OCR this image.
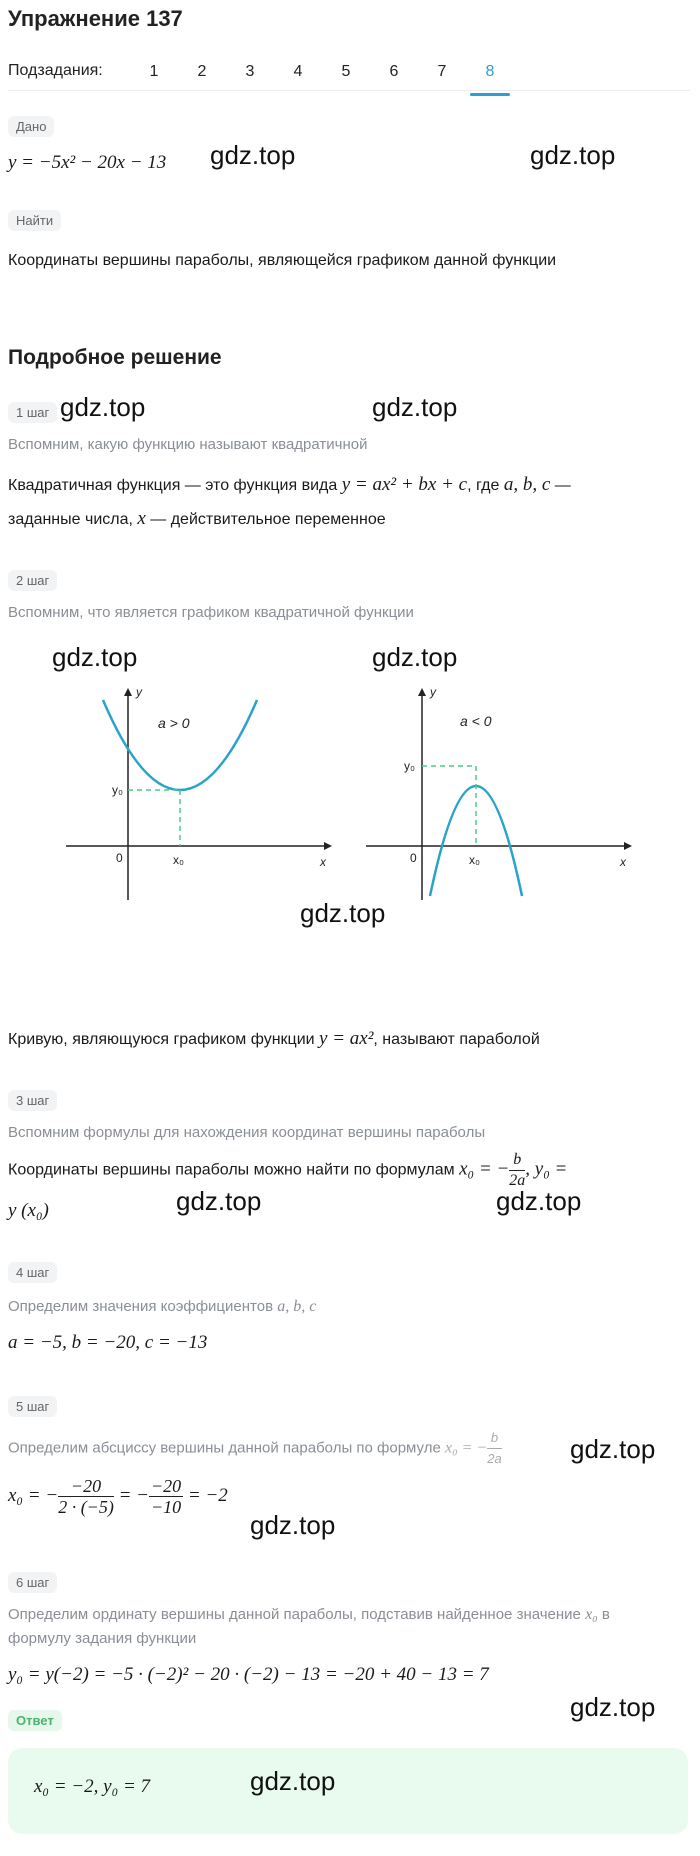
Упражнение 137
Подзадания:	1	2	3	4	5	6	7	8
Дано
y = −5x² − 20x − 13
Найти
Координаты вершины параболы, являющейся графиком данной функции
Подробное решение
1 шаг
Вспомним, какую функцию называют квадратичной
Квадратичная функция — это функция вида y = ax² + bx + c, где a, b, c —
заданные числа, x — действительное переменное
2 шаг
Вспомним, что является графиком квадратичной функции
y
x
0	x₀
y₀
a > 0
y
x
0	x₀
y₀
a < 0
Кривую, являющуюся графиком функции y = ax², называют параболой
3 шаг
Вспомним формулы для нахождения координат вершины параболы
Координаты вершины параболы можно найти по формулам x₀ = − $\frac{b}{2a}$ , y₀ =
y (x₀)
4 шаг
Определим значения коэффициентов a, b, c
a = −5, b = −20, c = −13
5 шаг
Определим абсциссу вершины данной параболы по формуле x₀ = − $\frac{b}{2a}$
x₀ = − $\frac{-20}{2 \cdot (-5)}$ = − $\frac{-20}{-10} = -2$
6 шаг
Определим ординату вершины данной параболы, подставив найденное значение x₀ в
формулу задания функции
y₀ = y(−2) = −5 · (−2)² − 20 · (−2) − 13 = −20 + 40 − 13 = 7
Ответ
x₀ = −2, y₀ = 7
gdz.top	gdz.top
gdz.top	gdz.top
gdz.top	gdz.top
gdz.top
gdz.top	gdz.top
gdz.top
gdz.top
gdz.top
gdz.top
